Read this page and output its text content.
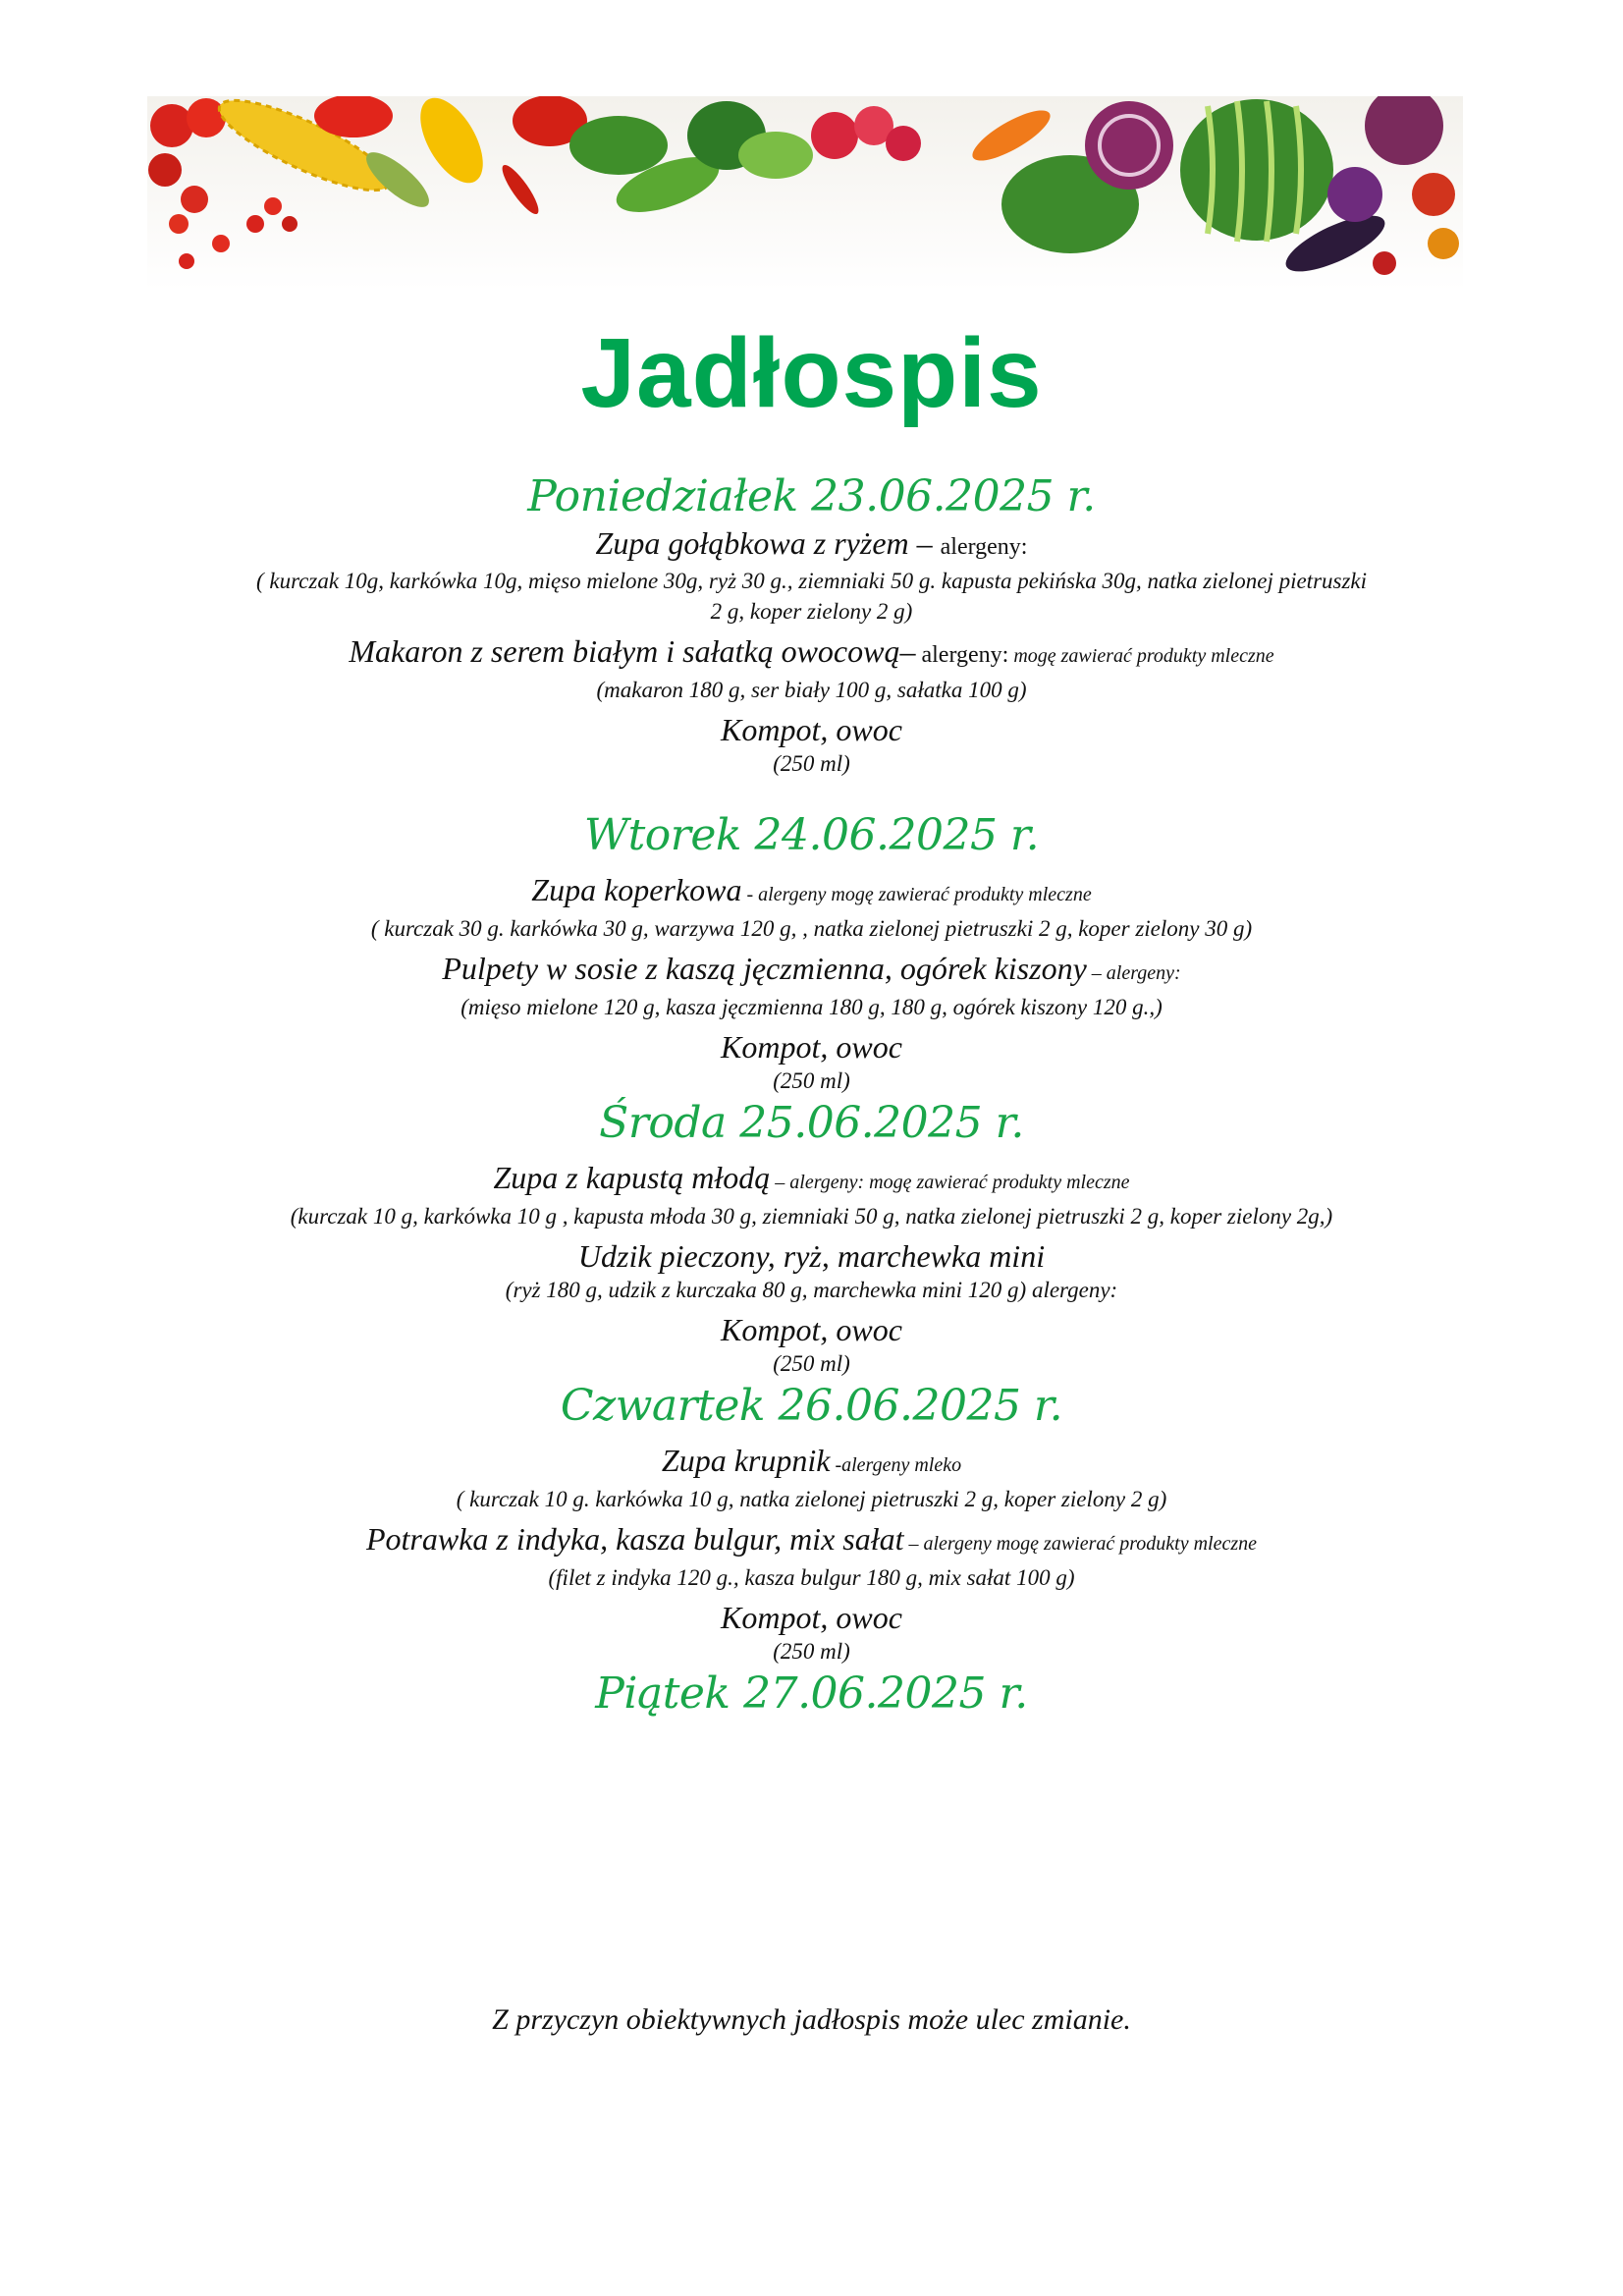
Jadłospis

Poniedziałek 23.06.2025 r.

Zupa gołąbkowa z ryżem – alergeny:

( kurczak 10g, karkówka 10g, mięso mielone 30g, ryż 30 g., ziemniaki 50 g. kapusta pekińska 30g, natka zielonej pietruszki

2 g, koper zielony 2 g)

Makaron z serem białym i sałatką owocową– alergeny: mogę zawierać produkty mleczne

(makaron 180 g, ser biały 100 g, sałatka 100 g)

Kompot, owoc

(250 ml)

Wtorek 24.06.2025 r.

Zupa koperkowa - alergeny mogę zawierać produkty mleczne

( kurczak 30 g. karkówka 30 g, warzywa 120 g, , natka zielonej pietruszki 2 g, koper zielony 30 g)

Pulpety w sosie z kaszą jęczmienna, ogórek kiszony – alergeny:

(mięso mielone 120 g, kasza jęczmienna 180 g, 180 g, ogórek kiszony 120 g.,)

Kompot, owoc

(250 ml)

Środa 25.06.2025 r.

Zupa z kapustą młodą – alergeny: mogę zawierać produkty mleczne

(kurczak 10 g, karkówka 10 g , kapusta młoda 30 g, ziemniaki 50 g, natka zielonej pietruszki 2 g, koper zielony 2g,)

Udzik pieczony, ryż, marchewka mini

(ryż 180 g, udzik z kurczaka 80 g, marchewka mini 120 g) alergeny:

Kompot, owoc

(250 ml)

Czwartek 26.06.2025 r.

Zupa krupnik -alergeny mleko

( kurczak 10 g. karkówka 10 g, natka zielonej pietruszki 2 g, koper zielony 2 g)

Potrawka z indyka, kasza bulgur, mix sałat – alergeny mogę zawierać produkty mleczne

(filet z indyka 120 g., kasza bulgur 180 g, mix sałat 100 g)

Kompot, owoc

(250 ml)

Piątek 27.06.2025 r.

Z przyczyn obiektywnych jadłospis może ulec zmianie.
